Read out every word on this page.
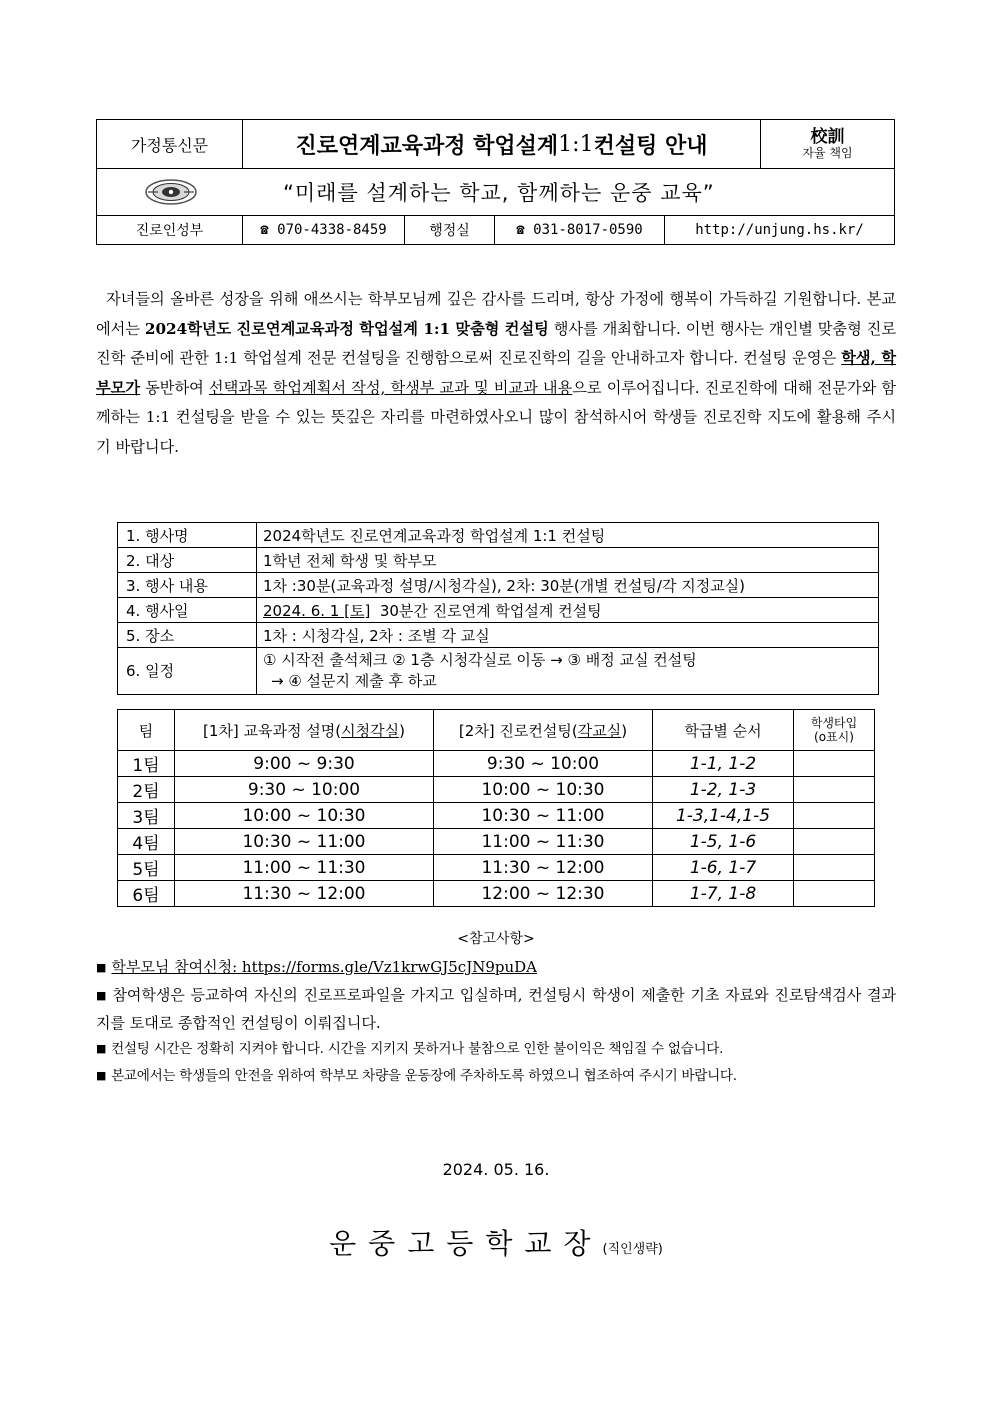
가정통신문	진로연계교육과정 학업설계 1:1 컨설팅 안내	校訓
자율 책임
“미래를 설계하는 학교, 함께하는 운중 교육”
진로인성부	☎ 070-4338-8459	행정실	☎ 031-8017-0590	http://unjung.hs.kr/

자녀들의 올바른 성장을 위해 애쓰시는 학부모님께 깊은 감사를 드리며, 항상 가정에 행복이 가득하길 기원합니다. 본교에서는 2024학년도 진로연계교육과정 학업설계 1:1 맞춤형 컨설팅 행사를 개최합니다. 이번 행사는 개인별 맞춤형 진로진학 준비에 관한 1:1 학업설계 전문 컨설팅을 진행함으로써 진로진학의 길을 안내하고자 합니다. 컨설팅 운영은 학생, 학부모가 동반하여 선택과목 학업계획서 작성, 학생부 교과 및 비교과 내용으로 이루어집니다. 진로진학에 대해 전문가와 함께하는 1:1 컨설팅을 받을 수 있는 뜻깊은 자리를 마련하였사오니 많이 참석하시어 학생들 진로진학 지도에 활용해 주시기 바랍니다.

1. 행사명	2024학년도 진로연계교육과정 학업설계 1:1 컨설팅
2. 대상	1학년 전체 학생 및 학부모
3. 행사 내용	1차 :30분(교육과정 설명/시청각실), 2차: 30분(개별 컨설팅/각 지정교실)
4. 행사일	2024. 6. 1 [토]  30분간 진로연계 학업설계 컨설팅
5. 장소	1차 : 시청각실, 2차 : 조별 각 교실
6. 일정	① 시작전 출석체크 ② 1층 시청각실로 이동 → ③ 배정 교실 컨설팅
→ ④ 설문지 제출 후 하교
팀	[1차] 교육과정 설명(시청각실)	[2차] 진로컨설팅(각교실)	학급별 순서	학생타입
(o표시)

1팀	9:00 ~ 9:30	9:30 ~ 10:00	1-1, 1-2	
2팀	9:30 ~ 10:00	10:00 ~ 10:30	1-2, 1-3	
3팀	10:00 ~ 10:30	10:30 ~ 11:00	1-3,1-4,1-5	
4팀	10:30 ~ 11:00	11:00 ~ 11:30	1-5, 1-6	
5팀	11:00 ~ 11:30	11:30 ~ 12:00	1-6, 1-7	
6팀	11:30 ~ 12:00	12:00 ~ 12:30	1-7, 1-8	
<참고사항>

■ 학부모님 참여신청: https://forms.gle/Vz1krwGJ5cJN9puDA

■ 참여학생은 등교하여 자신의 진로프로파일을 가지고 입실하며, 컨설팅시 학생이 제출한 기초 자료와 진로탐색검사 결과지를 토대로 종합적인 컨설팅이 이뤄집니다.

■ 컨설팅 시간은 정확히 지켜야 합니다. 시간을 지키지 못하거나 불참으로 인한 불이익은 책임질 수 없습니다.

■ 본교에서는 학생들의 안전을 위하여 학부모 차량을 운동장에 주차하도록 하였으니 협조하여 주시기 바랍니다.

2024. 05. 16.
운중고등학교장(직인생략)
